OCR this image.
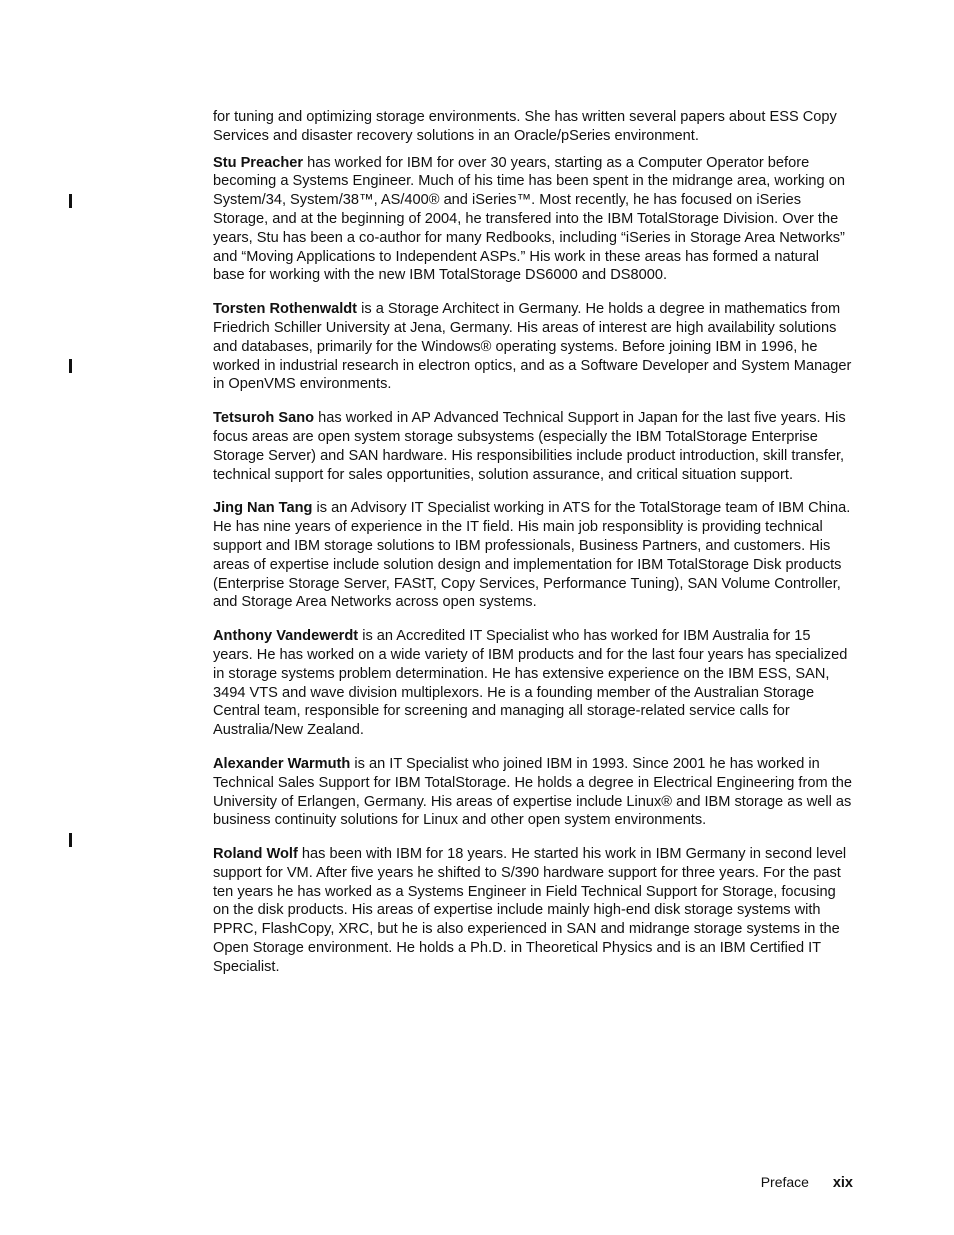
for tuning and optimizing storage environments. She has written several papers about ESS Copy Services and disaster recovery solutions in an Oracle/pSeries environment.

Stu Preacher has worked for IBM for over 30 years, starting as a Computer Operator before becoming a Systems Engineer. Much of his time has been spent in the midrange area, working on System/34, System/38™, AS/400® and iSeries™. Most recently, he has focused on iSeries Storage, and at the beginning of 2004, he transfered into the IBM TotalStorage Division. Over the years, Stu has been a co-author for many Redbooks, including “iSeries in Storage Area Networks” and “Moving Applications to Independent ASPs.” His work in these areas has formed a natural base for working with the new IBM TotalStorage DS6000 and DS8000.

Torsten Rothenwaldt is a Storage Architect in Germany. He holds a degree in mathematics from Friedrich Schiller University at Jena, Germany. His areas of interest are high availability solutions and databases, primarily for the Windows® operating systems. Before joining IBM in 1996, he worked in industrial research in electron optics, and as a Software Developer and System Manager in OpenVMS environments.

Tetsuroh Sano has worked in AP Advanced Technical Support in Japan for the last five years. His focus areas are open system storage subsystems (especially the IBM TotalStorage Enterprise Storage Server) and SAN hardware. His responsibilities include product introduction, skill transfer, technical support for sales opportunities, solution assurance, and critical situation support.

Jing Nan Tang is an Advisory IT Specialist working in ATS for the TotalStorage team of IBM China. He has nine years of experience in the IT field. His main job responsiblity is providing technical support and IBM storage solutions to IBM professionals, Business Partners, and customers. His areas of expertise include solution design and implementation for IBM TotalStorage Disk products (Enterprise Storage Server, FAStT, Copy Services, Performance Tuning), SAN Volume Controller, and Storage Area Networks across open systems.

Anthony Vandewerdt is an Accredited IT Specialist who has worked for IBM Australia for 15 years. He has worked on a wide variety of IBM products and for the last four years has specialized in storage systems problem determination. He has extensive experience on the IBM ESS, SAN, 3494 VTS and wave division multiplexors. He is a founding member of the Australian Storage Central team, responsible for screening and managing all storage-related service calls for Australia/New Zealand.

Alexander Warmuth is an IT Specialist who joined IBM in 1993. Since 2001 he has worked in Technical Sales Support for IBM TotalStorage. He holds a degree in Electrical Engineering from the University of Erlangen, Germany. His areas of expertise include Linux® and IBM storage as well as business continuity solutions for Linux and other open system environments.

Roland Wolf has been with IBM for 18 years. He started his work in IBM Germany in second level support for VM. After five years he shifted to S/390 hardware support for three years. For the past ten years he has worked as a Systems Engineer in Field Technical Support for Storage, focusing on the disk products. His areas of expertise include mainly high-end disk storage systems with PPRC, FlashCopy, XRC, but he is also experienced in SAN and midrange storage systems in the Open Storage environment. He holds a Ph.D. in Theoretical Physics and is an IBM Certified IT Specialist.

Preface xix
